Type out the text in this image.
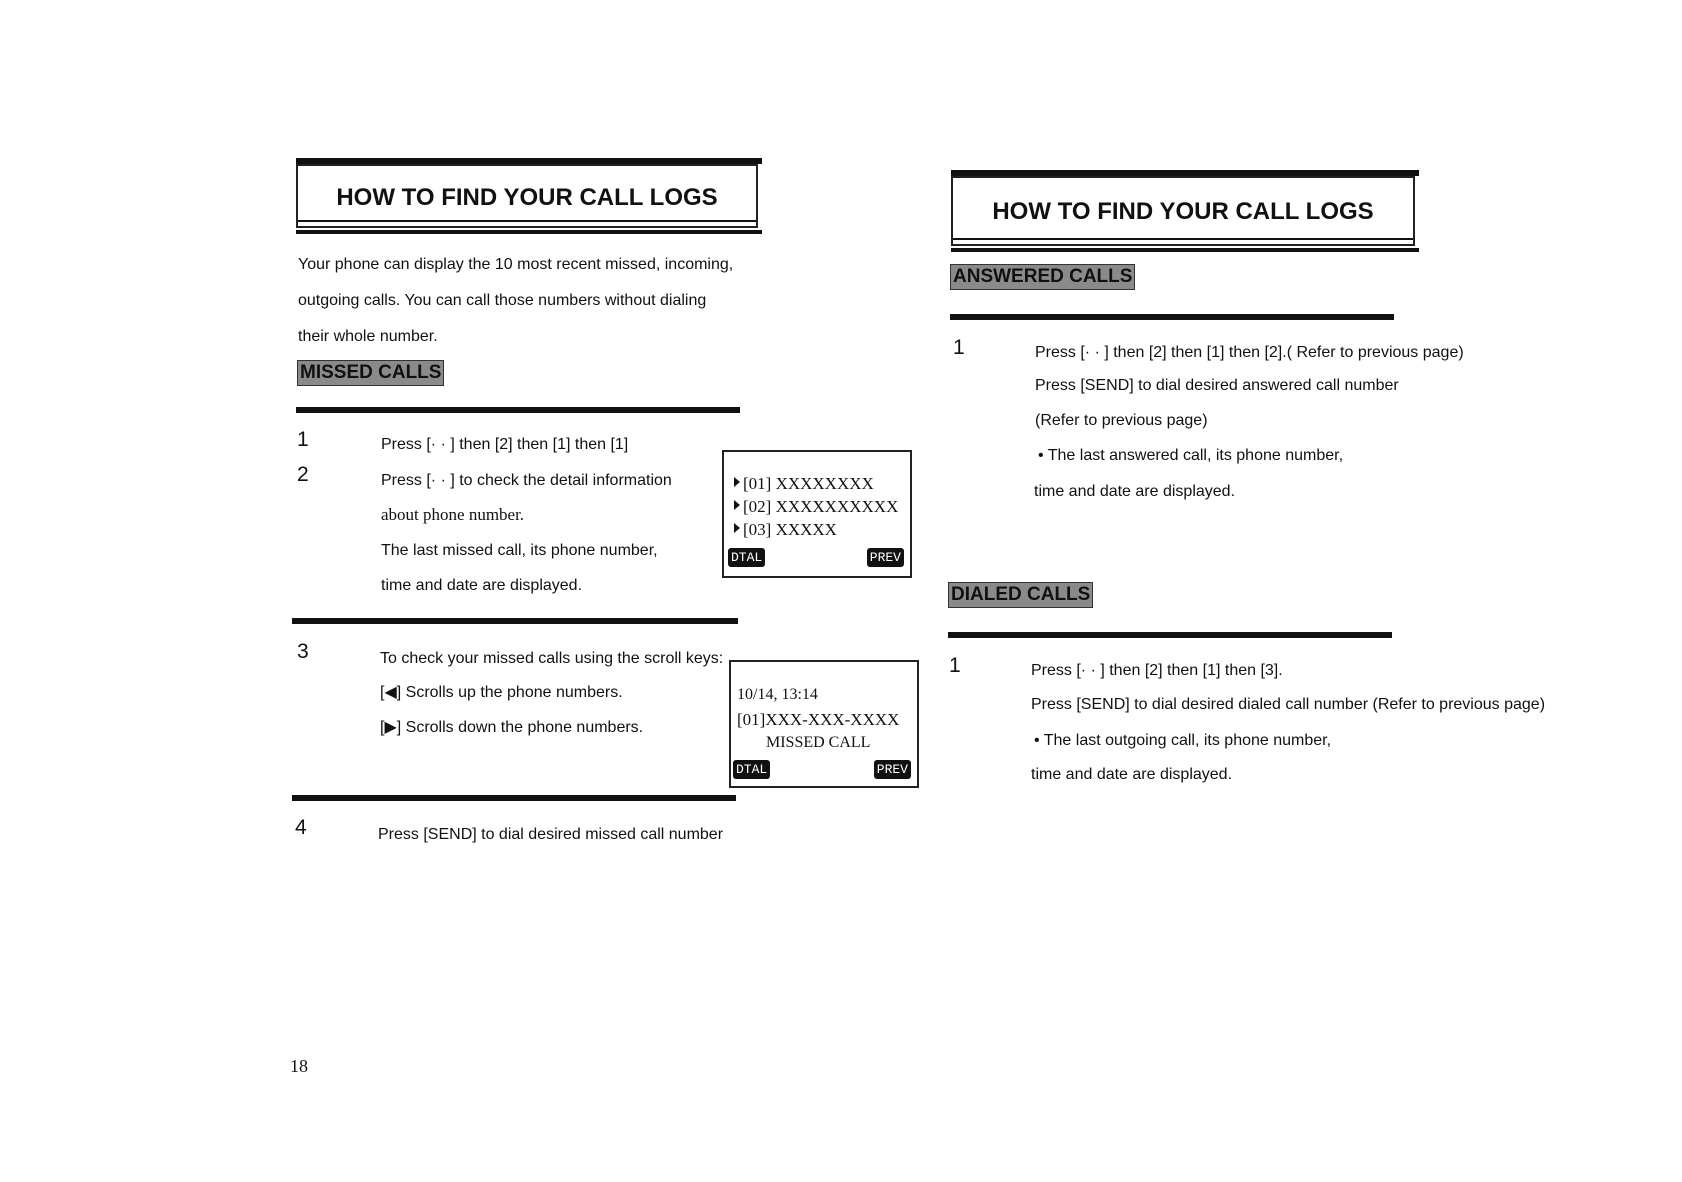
HOW TO FIND YOUR CALL LOGS
Your phone can display the 10 most recent missed, incoming,
outgoing calls. You can call those numbers without dialing
their whole number.
MISSED CALLS
1	Press [· · ] then [2] then [1] then [1]
2	Press [· · ] to check the detail information
about phone number.
The last missed call, its phone number,
time and date are displayed.
[01] XXXXXXXX
[02] XXXXXXXXXX
[03] XXXXX
DTAL	PREV
3	To check your missed calls using the scroll keys:
[◀] Scrolls up the phone numbers.
[▶] Scrolls down the phone numbers.
10/14, 13:14
[01]XXX-XXX-XXXX
MISSED CALL
DTAL	PREV
4	Press [SEND] to dial desired missed call number
18
HOW TO FIND YOUR CALL LOGS
ANSWERED CALLS
1	Press [· · ] then [2] then [1] then [2].( Refer to previous page)
Press [SEND] to dial desired answered call number
(Refer to previous page)
• The last answered call, its phone number,
time and date are displayed.
DIALED CALLS
1	Press [· · ] then [2] then [1] then [3].
Press [SEND] to dial desired dialed call number (Refer to previous page)
• The last outgoing call, its phone number,
time and date are displayed.
